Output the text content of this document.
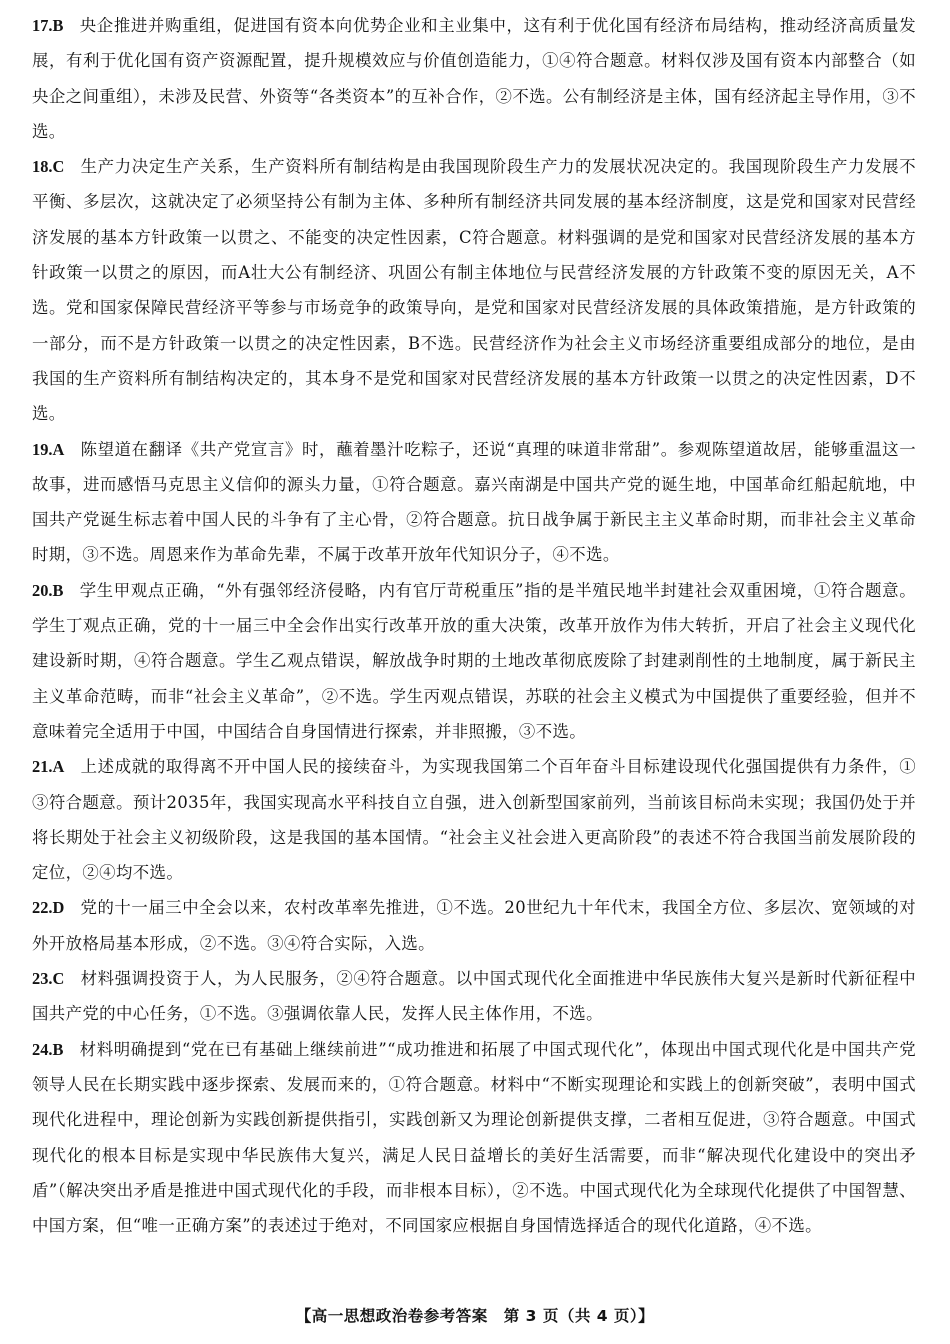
17.B 央企推进并购重组，促进国有资本向优势企业和主业集中，这有利于优化国有经济布局结构，推动经济高质量发展，有利于优化国有资产资源配置，提升规模效应与价值创造能力，①④符合题意。材料仅涉及国有资本内部整合（如央企之间重组），未涉及民营、外资等“各类资本”的互补合作，②不选。公有制经济是主体，国有经济起主导作用，③不选。

18.C 生产力决定生产关系，生产资料所有制结构是由我国现阶段生产力的发展状况决定的。我国现阶段生产力发展不平衡、多层次，这就决定了必须坚持公有制为主体、多种所有制经济共同发展的基本经济制度，这是党和国家对民营经济发展的基本方针政策一以贯之、不能变的决定性因素，C符合题意。材料强调的是党和国家对民营经济发展的基本方针政策一以贯之的原因，而A壮大公有制经济、巩固公有制主体地位与民营经济发展的方针政策不变的原因无关，A不选。党和国家保障民营经济平等参与市场竞争的政策导向，是党和国家对民营经济发展的具体政策措施，是方针政策的一部分，而不是方针政策一以贯之的决定性因素，B不选。民营经济作为社会主义市场经济重要组成部分的地位，是由我国的生产资料所有制结构决定的，其本身不是党和国家对民营经济发展的基本方针政策一以贯之的决定性因素，D不选。

19.A 陈望道在翻译《共产党宣言》时，蘸着墨汁吃粽子，还说“真理的味道非常甜”。参观陈望道故居，能够重温这一故事，进而感悟马克思主义信仰的源头力量，①符合题意。嘉兴南湖是中国共产党的诞生地，中国革命红船起航地，中国共产党诞生标志着中国人民的斗争有了主心骨，②符合题意。抗日战争属于新民主主义革命时期，而非社会主义革命时期，③不选。周恩来作为革命先辈，不属于改革开放年代知识分子，④不选。

20.B 学生甲观点正确，“外有强邻经济侵略，内有官厅苛税重压”指的是半殖民地半封建社会双重困境，①符合题意。学生丁观点正确，党的十一届三中全会作出实行改革开放的重大决策，改革开放作为伟大转折，开启了社会主义现代化建设新时期，④符合题意。学生乙观点错误，解放战争时期的土地改革彻底废除了封建剥削性的土地制度，属于新民主主义革命范畴，而非“社会主义革命”，②不选。学生丙观点错误，苏联的社会主义模式为中国提供了重要经验，但并不意味着完全适用于中国，中国结合自身国情进行探索，并非照搬，③不选。

21.A 上述成就的取得离不开中国人民的接续奋斗，为实现我国第二个百年奋斗目标建设现代化强国提供有力条件，①③符合题意。预计2035年，我国实现高水平科技自立自强，进入创新型国家前列，当前该目标尚未实现；我国仍处于并将长期处于社会主义初级阶段，这是我国的基本国情。“社会主义社会进入更高阶段”的表述不符合我国当前发展阶段的定位，②④均不选。

22.D 党的十一届三中全会以来，农村改革率先推进，①不选。20世纪九十年代末，我国全方位、多层次、宽领域的对外开放格局基本形成，②不选。③④符合实际，入选。

23.C 材料强调投资于人，为人民服务，②④符合题意。以中国式现代化全面推进中华民族伟大复兴是新时代新征程中国共产党的中心任务，①不选。③强调依靠人民，发挥人民主体作用，不选。

24.B 材料明确提到“党在已有基础上继续前进”“成功推进和拓展了中国式现代化”，体现出中国式现代化是中国共产党领导人民在长期实践中逐步探索、发展而来的，①符合题意。材料中“不断实现理论和实践上的创新突破”，表明中国式现代化进程中，理论创新为实践创新提供指引，实践创新又为理论创新提供支撑，二者相互促进，③符合题意。中国式现代化的根本目标是实现中华民族伟大复兴，满足人民日益增长的美好生活需要，而非“解决现代化建设中的突出矛盾”（解决突出矛盾是推进中国式现代化的手段，而非根本目标），②不选。中国式现代化为全球现代化提供了中国智慧、中国方案，但“唯一正确方案”的表述过于绝对，不同国家应根据自身国情选择适合的现代化道路，④不选。

【高一思想政治卷参考答案　第 3 页（共 4 页）】
